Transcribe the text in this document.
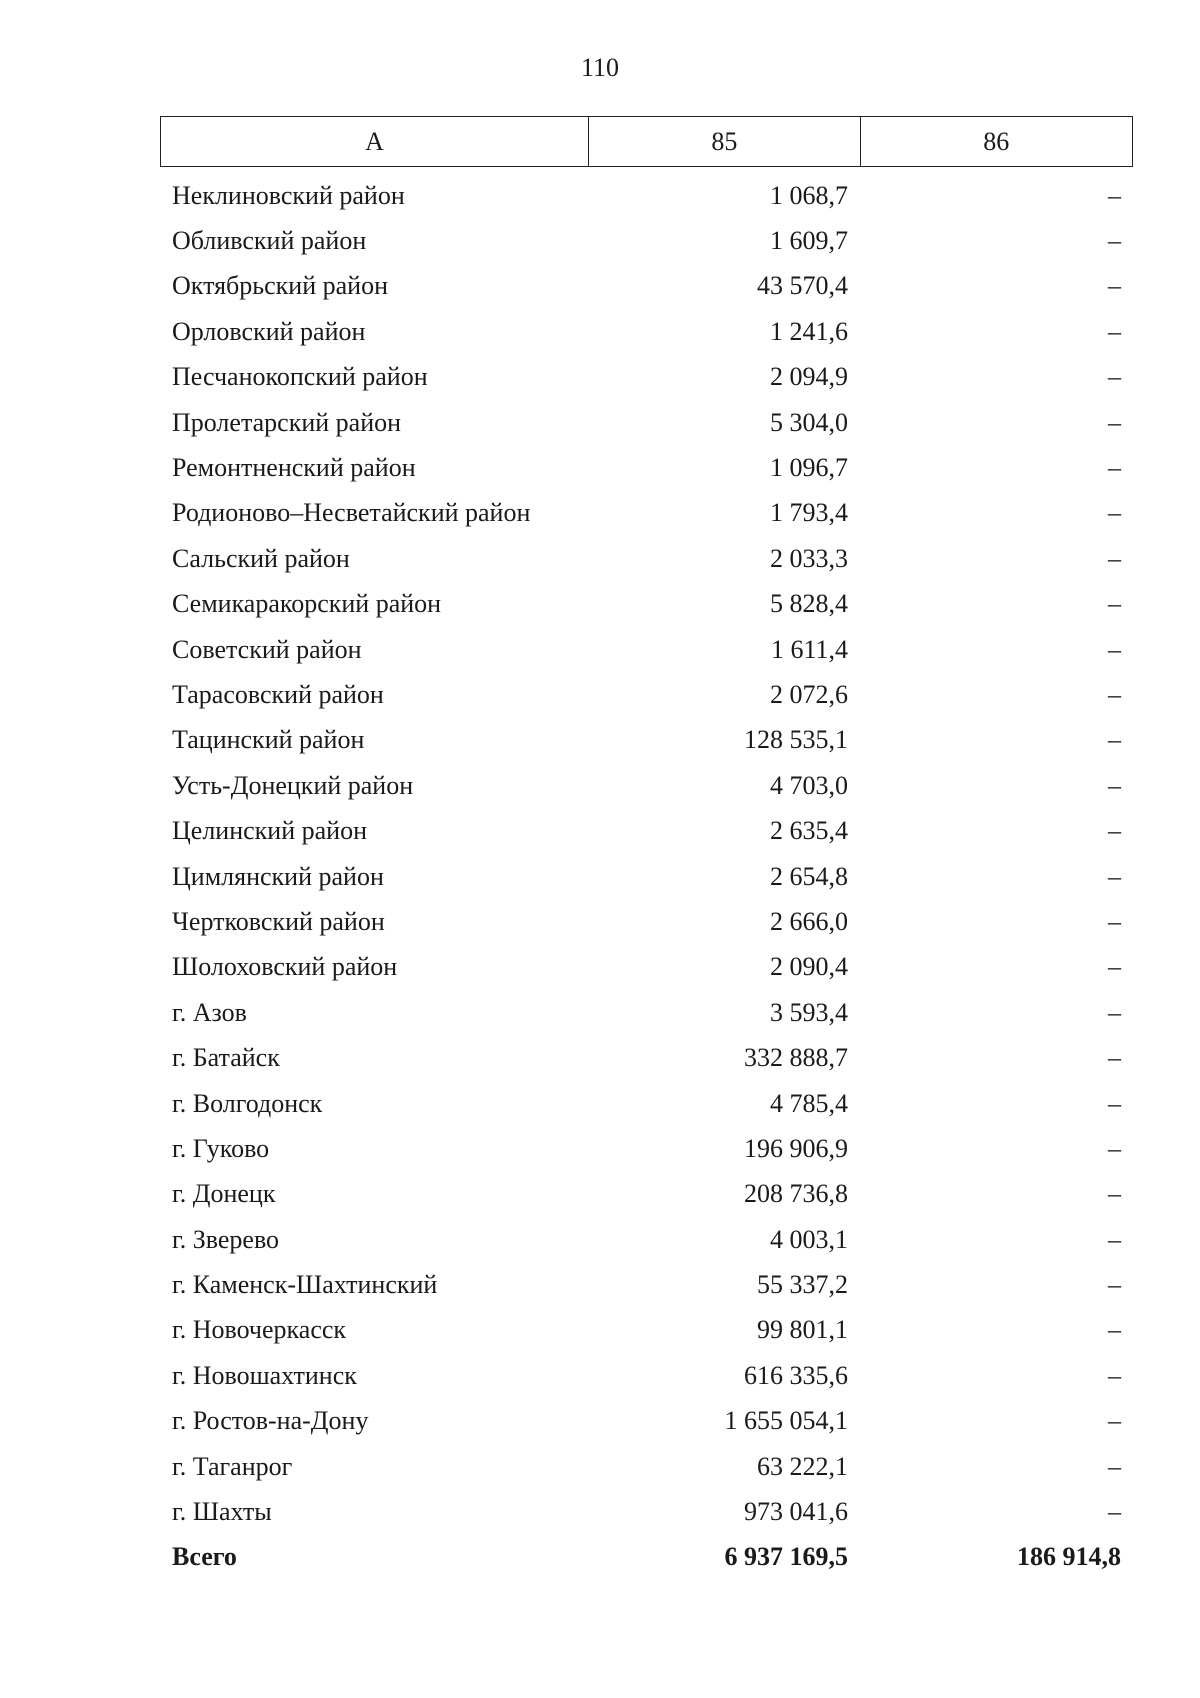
110
А	85	86
Неклиновский район	1 068,7	–
Обливский район	1 609,7	–
Октябрьский район	43 570,4	–
Орловский район	1 241,6	–
Песчанокопский район	2 094,9	–
Пролетарский район	5 304,0	–
Ремонтненский район	1 096,7	–
Родионово–Несветайский район	1 793,4	–
Сальский район	2 033,3	–
Семикаракорский район	5 828,4	–
Советский район	1 611,4	–
Тарасовский район	2 072,6	–
Тацинский район	128 535,1	–
Усть-Донецкий район	4 703,0	–
Целинский район	2 635,4	–
Цимлянский район	2 654,8	–
Чертковский район	2 666,0	–
Шолоховский район	2 090,4	–
г. Азов	3 593,4	–
г. Батайск	332 888,7	–
г. Волгодонск	4 785,4	–
г. Гуково	196 906,9	–
г. Донецк	208 736,8	–
г. Зверево	4 003,1	–
г. Каменск-Шахтинский	55 337,2	–
г. Новочеркасск	99 801,1	–
г. Новошахтинск	616 335,6	–
г. Ростов-на-Дону	1 655 054,1	–
г. Таганрог	63 222,1	–
г. Шахты	973 041,6	–
Всего	6 937 169,5	186 914,8
